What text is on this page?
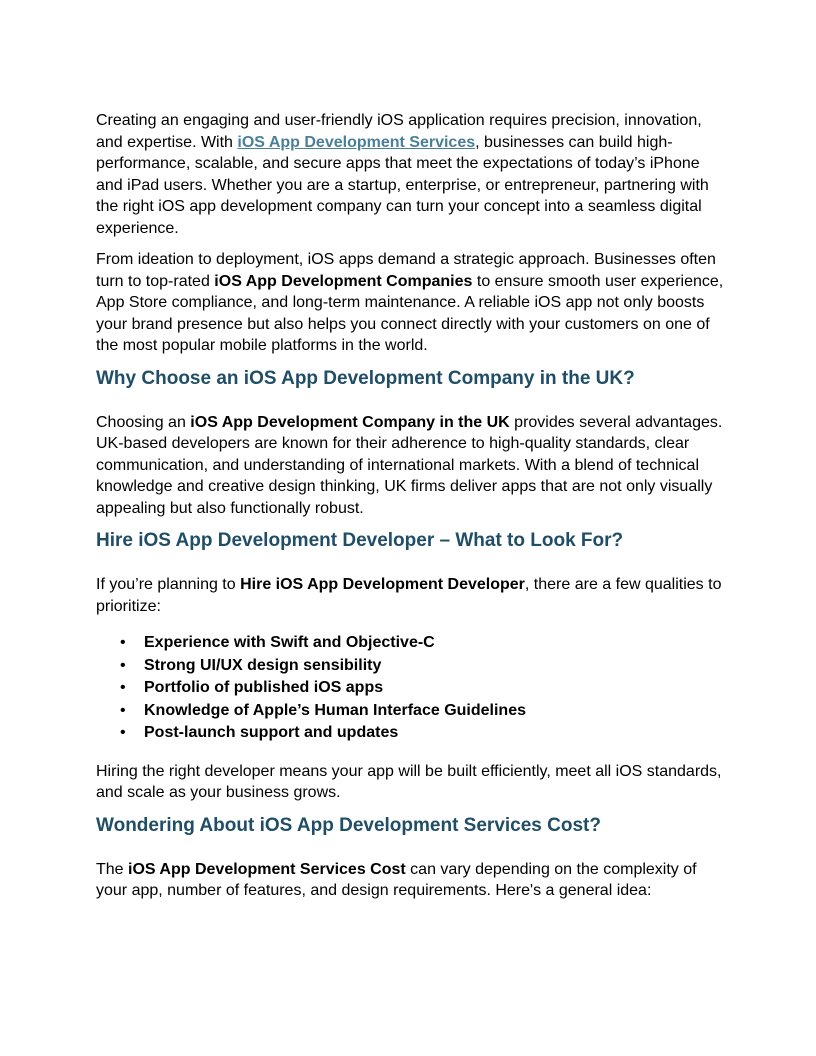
Creating an engaging and user-friendly iOS application requires precision, innovation, and expertise. With iOS App Development Services, businesses can build high-performance, scalable, and secure apps that meet the expectations of today’s iPhone and iPad users. Whether you are a startup, enterprise, or entrepreneur, partnering with the right iOS app development company can turn your concept into a seamless digital experience.

From ideation to deployment, iOS apps demand a strategic approach. Businesses often turn to top-rated iOS App Development Companies to ensure smooth user experience, App Store compliance, and long-term maintenance. A reliable iOS app not only boosts your brand presence but also helps you connect directly with your customers on one of the most popular mobile platforms in the world.

Why Choose an iOS App Development Company in the UK?

Choosing an iOS App Development Company in the UK provides several advantages. UK-based developers are known for their adherence to high-quality standards, clear communication, and understanding of international markets. With a blend of technical knowledge and creative design thinking, UK firms deliver apps that are not only visually appealing but also functionally robust.

Hire iOS App Development Developer – What to Look For?

If you’re planning to Hire iOS App Development Developer, there are a few qualities to prioritize:

• Experience with Swift and Objective-C
• Strong UI/UX design sensibility
• Portfolio of published iOS apps
• Knowledge of Apple’s Human Interface Guidelines
• Post-launch support and updates

Hiring the right developer means your app will be built efficiently, meet all iOS standards, and scale as your business grows.

Wondering About iOS App Development Services Cost?

The iOS App Development Services Cost can vary depending on the complexity of your app, number of features, and design requirements. Here's a general idea:
